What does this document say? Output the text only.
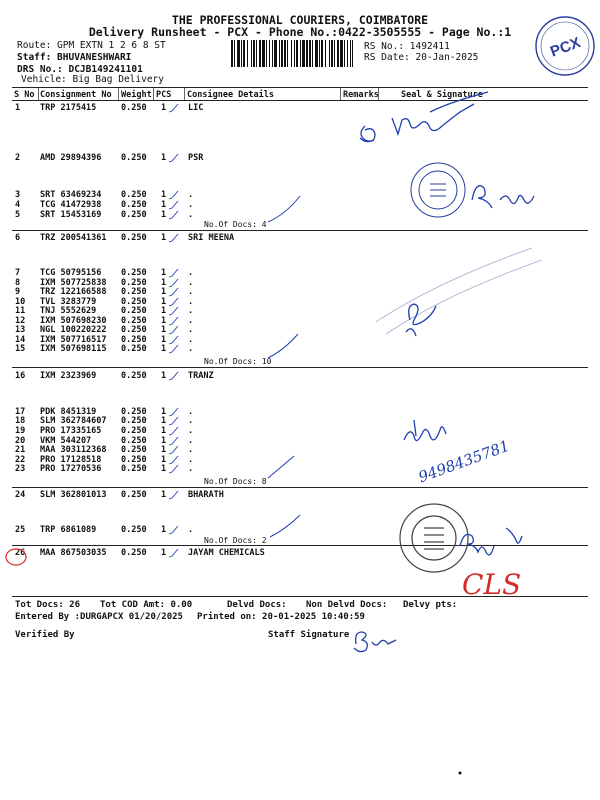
THE PROFESSIONAL COURIERS, COIMBATORE
Delivery Runsheet - PCX - Phone No.:0422-3505555 - Page No.:1
Route: GPM EXTN 1 2 6 8 ST
Staff: BHUVANESHWARI
DRS No.: DCJB149241101
Vehicle: Big Bag Delivery
RS No.: 1492411
RS Date: 20-Jan-2025	PCX
S No Consignment No Weight PCS Consignee Details	Remarks	Seal & Signature
1 TRP 2175415	0.250 1	LIC
2 AMD 29894396 0.250 1	PSR
3 SRT 63469234 0.250 1	.
4 TCG 41472938 0.250 1	.
5 SRT 15453169 0.250 1	.
6 TRZ 200541361 0.250 1	SRI MEENA
7 TCG 50795156 0.250 1	.
8 IXM 507725838 0.250 1	.
9 TRZ 122166588 0.250 1	.
10 TVL 3283779	0.250 1	.
11 TNJ 5552629	0.250 1	.
12 IXM 507698230 0.250 1	.
13 NGL 100220222 0.250 1	.
14 IXM 507716517 0.250 1	.
15 IXM 507698115 0.250 1	.
16 IXM 2323969	0.250 1	TRANZ
17 PDK 8451319	0.250 1	.
18 SLM 362784607 0.250 1	.
19 PRO 17335165 0.250 1	.
20 VKM 544207	0.250 1	.
21 MAA 303112368 0.250 1	.
22 PRO 17128518 0.250 1	.
23 PRO 17270536 0.250 1	.
24 SLM 362801013 0.250 1	BHARATH
25 TRP 6861089	0.250 1	.
26 MAA 867503035 0.250 1	JAYAM CHEMICALS
No.Of Docs: 4
No.Of Docs: 10
No.Of Docs: 8
No.Of Docs: 2
Tot Docs: 26 Tot COD Amt: 0.00	Delvd Docs: Non Delvd Docs: Delvy pts:
Entered By :DURGAPCX 01/20/2025 Printed on: 20-01-2025 10:40:59
Verified By	Staff Signature
9498435781
CLS
